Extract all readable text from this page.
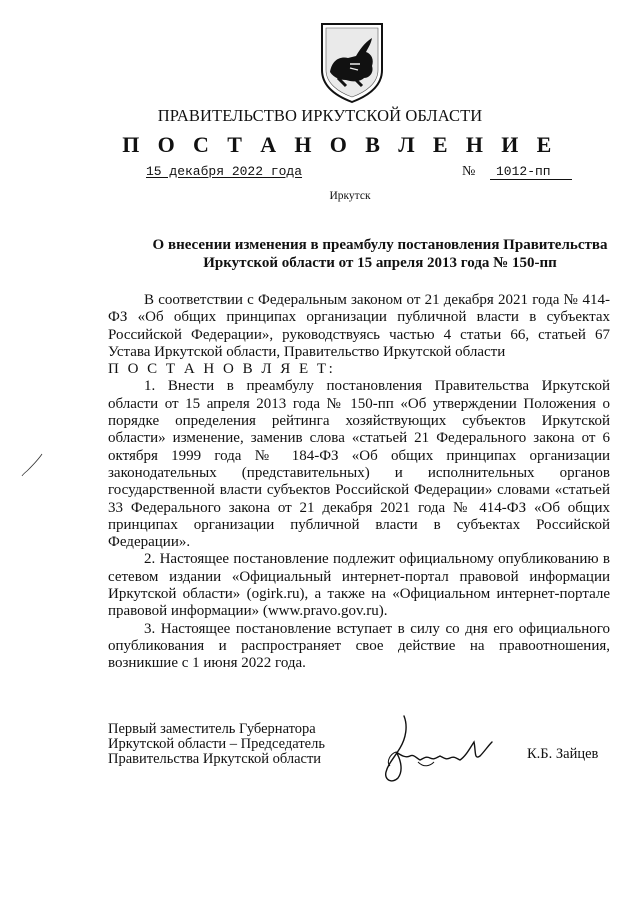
ПРАВИТЕЛЬСТВО ИРКУТСКОЙ ОБЛАСТИ
П О С Т А Н О В Л Е Н И Е
15 декабря 2022 года	№	1012-пп
Иркутск
О внесении изменения в преамбулу постановления Правительства
Иркутской области от 15 апреля 2013 года № 150-пп

В соответствии с Федеральным законом от 21 декабря 2021 года № 414-ФЗ «Об общих принципах организации публичной власти в субъектах Российской Федерации», руководствуясь частью 4 статьи 66, статьей 67 Устава Иркутской области, Правительство Иркутской области

П О С Т А Н О В Л Я Е Т:

1. Внести в преамбулу постановления Правительства Иркутской области от 15 апреля 2013 года № 150-пп «Об утверждении Положения о порядке определения рейтинга хозяйствующих субъектов Иркутской области» изменение, заменив слова «статьей 21 Федерального закона от 6 октября 1999 года № 184-ФЗ «Об общих принципах организации законодательных (представительных) и исполнительных органов государственной власти субъектов Российской Федерации» словами «статьей 33 Федерального закона от 21 декабря 2021 года № 414-ФЗ «Об общих принципах организации публичной власти в субъектах Российской Федерации».

2. Настоящее постановление подлежит официальному опубликованию в сетевом издании «Официальный интернет-портал правовой информации Иркутской области» (ogirk.ru), а также на «Официальном интернет-портале правовой информации» (www.pravo.gov.ru).

3. Настоящее постановление вступает в силу со дня его официального опубликования и распространяет свое действие на правоотношения, возникшие с 1 июня 2022 года.

Первый заместитель Губернатора
Иркутской области – Председатель
Правительства Иркутской области	К.Б. Зайцев
